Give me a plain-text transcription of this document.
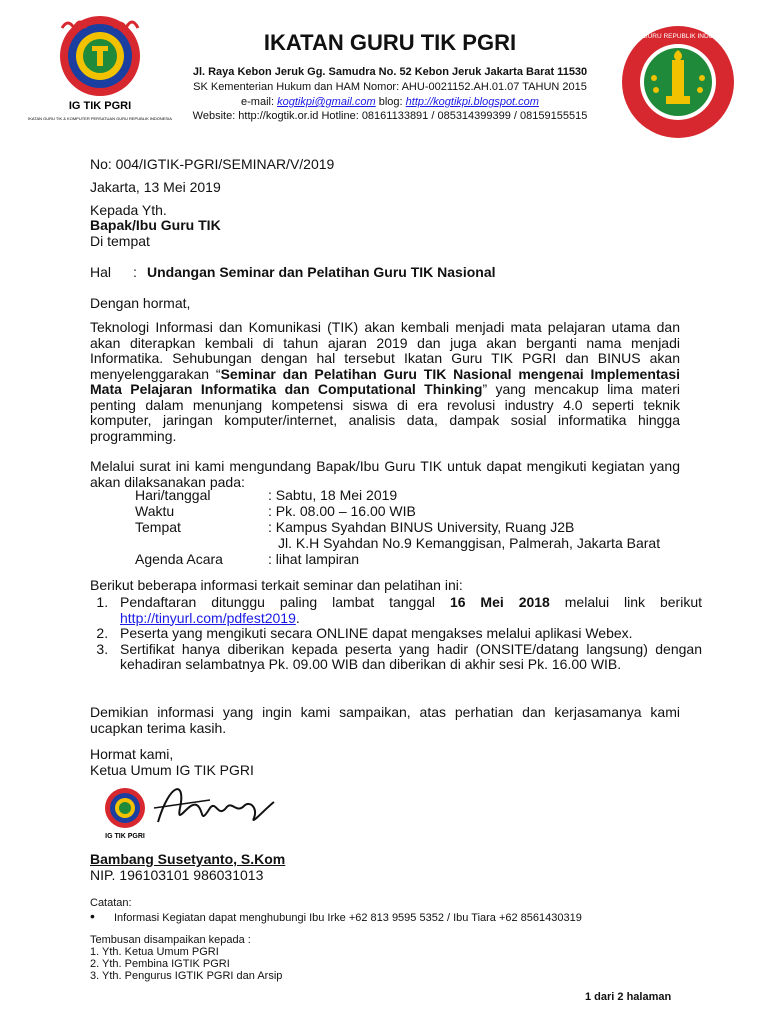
IG TIK PGRI
IKATAN GURU TIK & KOMPUTER PERSATUAN GURU REPUBLIK INDONESIA
IKATAN GURU TIK PGRI
Jl. Raya Kebon Jeruk Gg. Samudra No. 52 Kebon Jeruk Jakarta Barat 11530
SK Kementerian Hukum dan HAM Nomor: AHU-0021152.AH.01.07 TAHUN 2015
e-mail: kogtikpi@gmail.com blog: http://kogtikpi.blogspot.com
Website: http://kogtik.or.id Hotline: 08161133891 / 085314399399 / 08159155515
PERSATUAN GURU REPUBLIK INDONESIA · PGRI
No: 004/IGTIK-PGRI/SEMINAR/V/2019
Jakarta, 13 Mei 2019
Kepada Yth.
Bapak/Ibu Guru TIK
Di tempat
Hal : Undangan Seminar dan Pelatihan Guru TIK Nasional
Dengan hormat,
Teknologi Informasi dan Komunikasi (TIK) akan kembali menjadi mata pelajaran utama dan akan diterapkan kembali di tahun ajaran 2019 dan juga akan berganti nama menjadi Informatika. Sehubungan dengan hal tersebut Ikatan Guru TIK PGRI dan BINUS akan menyelenggarakan “Seminar dan Pelatihan Guru TIK Nasional mengenai Implementasi Mata Pelajaran Informatika dan Computational Thinking” yang mencakup lima materi penting dalam menunjang kompetensi siswa di era revolusi industry 4.0 seperti teknik komputer, jaringan komputer/internet, analisis data, dampak sosial informatika hingga programming.
Melalui surat ini kami mengundang Bapak/Ibu Guru TIK untuk dapat mengikuti kegiatan yang akan dilaksanakan pada:
Hari/tanggal	: Sabtu, 18 Mei 2019
Waktu	: Pk. 08.00 – 16.00 WIB
Tempat	: Kampus Syahdan BINUS University, Ruang J2B
Jl. K.H Syahdan No.9 Kemanggisan, Palmerah, Jakarta Barat
Agenda Acara	: lihat lampiran
Berikut beberapa informasi terkait seminar dan pelatihan ini:
1. Pendaftaran ditunggu paling lambat tanggal 16 Mei 2018 melalui link berikut http://tinyurl.com/pdfest2019.
2. Peserta yang mengikuti secara ONLINE dapat mengakses melalui aplikasi Webex.
3. Sertifikat hanya diberikan kepada peserta yang hadir (ONSITE/datang langsung) dengan kehadiran selambatnya Pk. 09.00 WIB dan diberikan di akhir sesi Pk. 16.00 WIB.
Demikian informasi yang ingin kami sampaikan, atas perhatian dan kerjasamanya kami ucapkan terima kasih.
Hormat kami,
Ketua Umum IG TIK PGRI
IG TIK PGRI
Bambang Susetyanto, S.Kom
NIP. 196103101 986031013
Catatan:
• Informasi Kegiatan dapat menghubungi Ibu Irke +62 813 9595 5352 / Ibu Tiara +62 8561430319
Tembusan disampaikan kepada :
1. Yth. Ketua Umum PGRI
2. Yth. Pembina IGTIK PGRI
3. Yth. Pengurus IGTIK PGRI dan Arsip
1 dari 2 halaman
